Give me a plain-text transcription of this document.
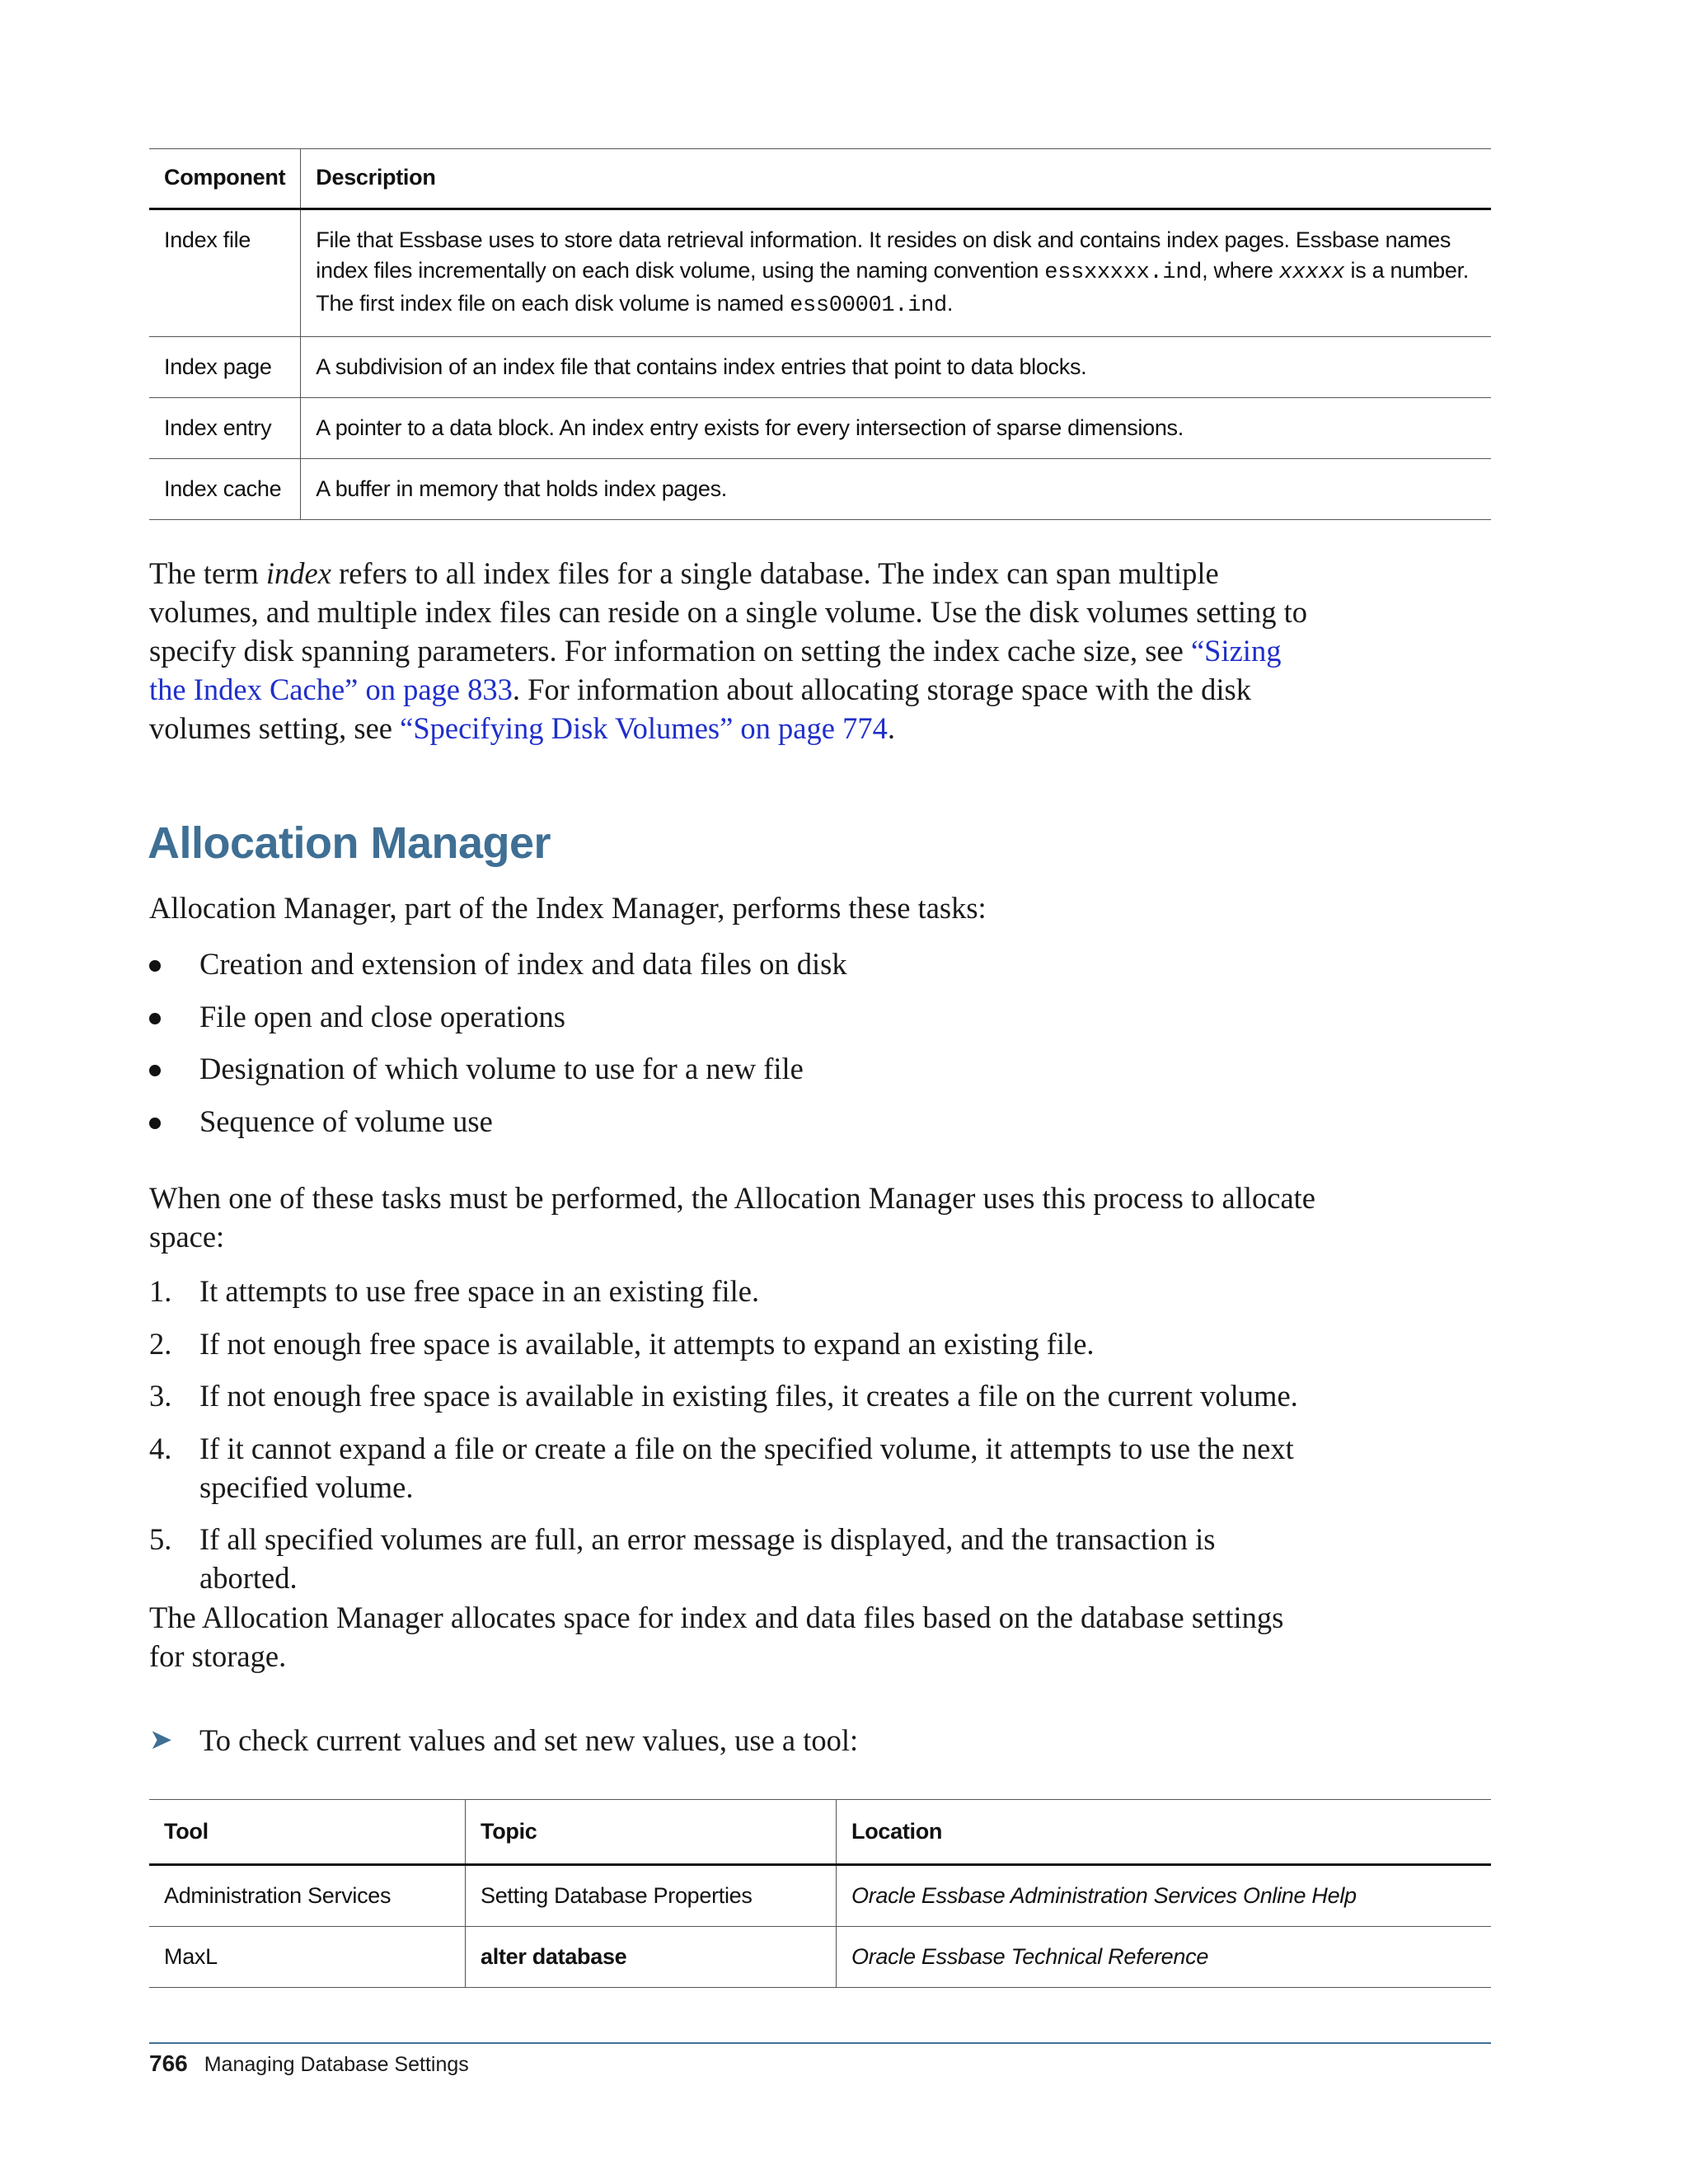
Component	Description
Index file	File that Essbase uses to store data retrieval information. It resides on disk and contains index pages. Essbase names index files incrementally on each disk volume, using the naming convention essxxxxx.ind, where xxxxx is a number. The first index file on each disk volume is named ess00001.ind.
Index page	A subdivision of an index file that contains index entries that point to data blocks.
Index entry	A pointer to a data block. An index entry exists for every intersection of sparse dimensions.
Index cache	A buffer in memory that holds index pages.

The term index refers to all index files for a single database. The index can span multiple volumes, and multiple index files can reside on a single volume. Use the disk volumes setting to specify disk spanning parameters. For information on setting the index cache size, see “Sizing the Index Cache” on page 833. For information about allocating storage space with the disk volumes setting, see “Specifying Disk Volumes” on page 774.

Allocation Manager

Allocation Manager, part of the Index Manager, performs these tasks:

Creation and extension of index and data files on disk
File open and close operations
Designation of which volume to use for a new file
Sequence of volume use

When one of these tasks must be performed, the Allocation Manager uses this process to allocate space:

1. It attempts to use free space in an existing file.
2. If not enough free space is available, it attempts to expand an existing file.
3. If not enough free space is available in existing files, it creates a file on the current volume.
4. If it cannot expand a file or create a file on the specified volume, it attempts to use the next specified volume.
5. If all specified volumes are full, an error message is displayed, and the transaction is aborted.

The Allocation Manager allocates space for index and data files based on the database settings for storage.

➤ To check current values and set new values, use a tool:
Tool	Topic	Location
Administration Services	Setting Database Properties	Oracle Essbase Administration Services Online Help
MaxL	alter database	Oracle Essbase Technical Reference
766 Managing Database Settings
